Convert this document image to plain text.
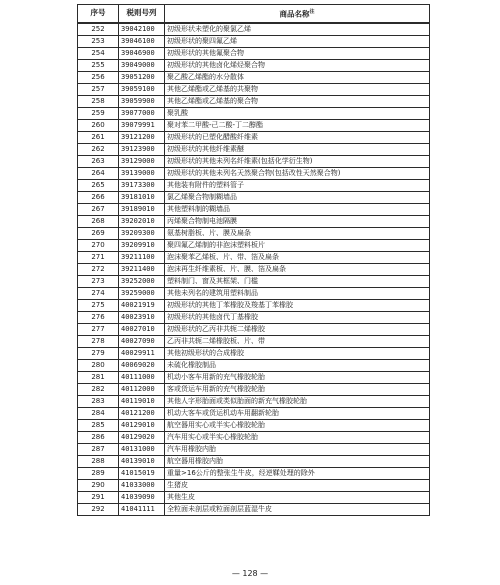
序号	税则号列	商品名称$^注$
252	39042100	初级形状未塑化的聚氯乙烯
253	39046100	初级形状的聚四氟乙烯
254	39046900	初级形状的其他氟聚合物
255	39049000	初级形状的其他卤化烯烃聚合物
256	39051200	聚乙酸乙烯酯的水分散体
257	39059100	其他乙烯酯或乙烯基的共聚物
258	39059900	其他乙烯酯或乙烯基的聚合物
259	39077000	聚乳酸
260	39079991	聚对苯二甲酸-己二酸-丁二醇酯
261	39121200	初级形状的已塑化醋酸纤维素
262	39123900	初级形状的其他纤维素醚
263	39129000	初级形状的其他未列名纤维素(包括化学衍生物)
264	39139000	初级形状的其他未列名天然聚合物(包括改性天然聚合物)
265	39173300	其他装有附件的塑料管子
266	39181010	氯乙烯聚合物制糊墙品
267	39189010	其他塑料制的糊墙品
268	39202010	丙烯聚合物制电池隔膜
269	39209300	氨基树脂板、片、膜及扁条
270	39209910	聚四氟乙烯制的非泡沫塑料板片
271	39211100	泡沫聚苯乙烯板、片、带、箔及扁条
272	39211400	泡沫再生纤维素板、片、膜、箔及扁条
273	39252000	塑料制门、窗及其框架、门槛
274	39259000	其他未列名的建筑用塑料制品
275	40021919	初级形状的其他丁苯橡胶及羧基丁苯橡胶
276	40023910	初级形状的其他卤代丁基橡胶
277	40027010	初级形状的乙丙非共轭二烯橡胶
278	40027090	乙丙非共轭二烯橡胶板、片、带
279	40029911	其他初级形状的合成橡胶
280	40069020	未硫化橡胶制品
281	40111000	机动小客车用新的充气橡胶轮胎
282	40112000	客或货运车用新的充气橡胶轮胎
283	40119010	其他人字形胎面或类似胎面的新充气橡胶轮胎
284	40121200	机动大客车或货运机动车用翻新轮胎
285	40129010	航空器用实心或半实心橡胶轮胎
286	40129020	汽车用实心或半实心橡胶轮胎
287	40131000	汽车用橡胶内胎
288	40139010	航空器用橡胶内胎
289	41015019	重量>16公斤的整张生牛皮，经逆鞣处理的除外
290	41033000	生猪皮
291	41039090	其他生皮
292	41041111	全粒面未剖层或粒面剖层蓝湿牛皮
— 128 —
